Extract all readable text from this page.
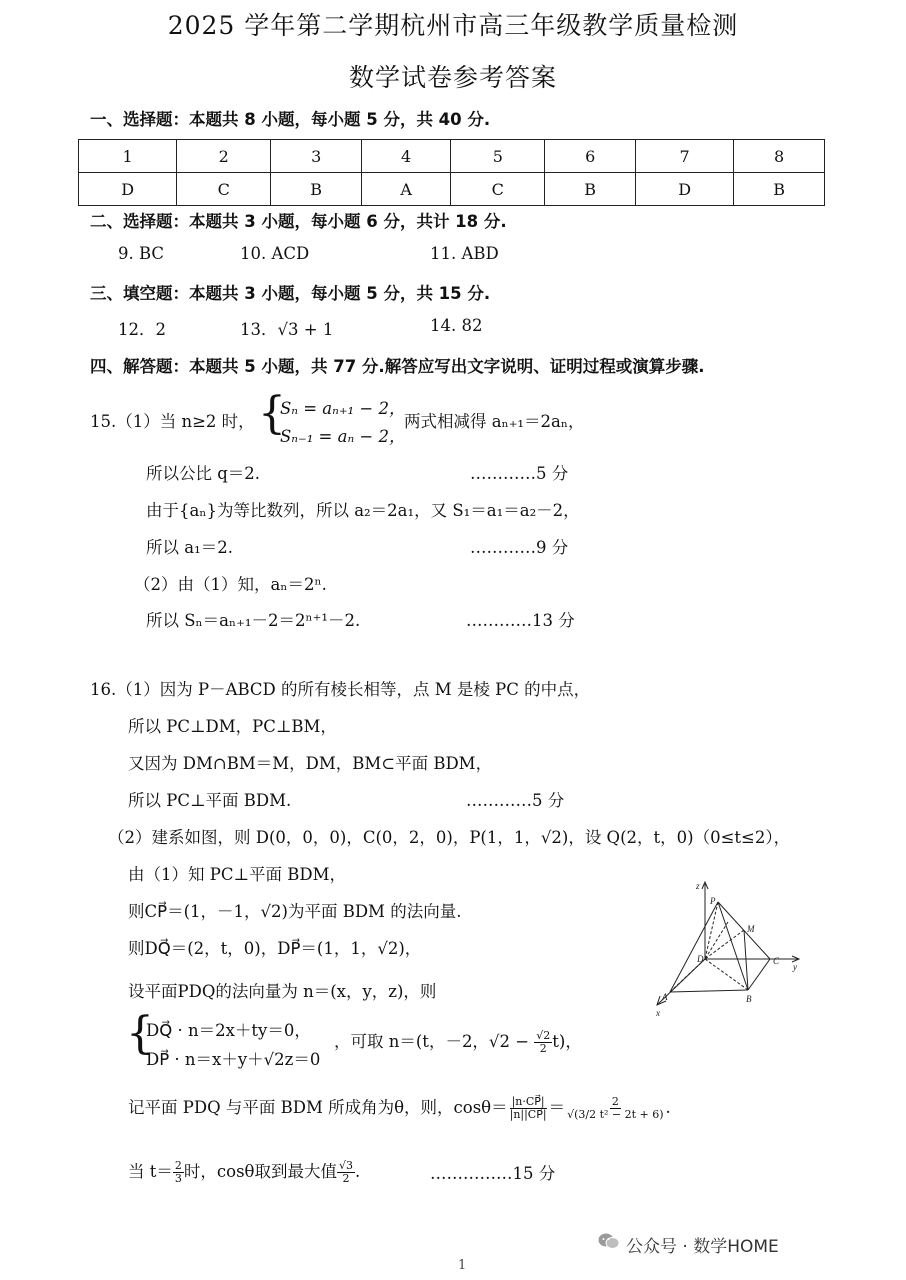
2025 学年第二学期杭州市高三年级教学质量检测
数学试卷参考答案
一、选择题：本题共 8 小题，每小题 5 分，共 40 分.
1	2	3	4	5	6	7	8
D	C	B	A	C	B	D	B
二、选择题：本题共 3 小题，每小题 6 分，共计 18 分.
9. BC	10. ACD	11. ABD
三、填空题：本题共 3 小题，每小题 5 分，共 15 分.
12．2	13．√3 + 1	14. 82
四、解答题：本题共 5 小题，共 77 分.解答应写出文字说明、证明过程或演算步骤.
15.（1）当 n≥2 时， {
Sₙ = aₙ₊₁ − 2，
Sₙ₋₁ = aₙ − 2，
两式相减得 aₙ₊₁＝2aₙ，
所以公比 q＝2.	…………5 分
由于{aₙ}为等比数列，所以 a₂＝2a₁，又 S₁＝a₁＝a₂－2，
所以 a₁＝2.	…………9 分
（2）由（1）知，aₙ＝2ⁿ.
所以 Sₙ＝aₙ₊₁－2＝2ⁿ⁺¹－2.	…………13 分
16.（1）因为 P－ABCD 的所有棱长相等，点 M 是棱 PC 的中点，
所以 PC⊥DM，PC⊥BM，
又因为 DM∩BM＝M，DM，BM⊂平面 BDM，
所以 PC⊥平面 BDM.	…………5 分
（2）建系如图，则 D(0，0，0)，C(0，2，0)，P(1，1，√2)，设 Q(2，t，0)（0≤t≤2），
由（1）知 PC⊥平面 BDM，
则CP⃗＝(1，－1，√2)为平面 BDM 的法向量.
则DQ⃗＝(2，t，0)，DP⃗＝(1，1，√2)，
设平面PDQ的法向量为 n＝(x，y，z)，则
{
DQ⃗ · n＝2x＋ty＝0，
DP⃗ · n＝x＋y＋√2z＝0
，可取 n＝(t，－2，$√2 - \frac{√2}{2} t$)，
记平面 PDQ 与平面 BDM 所成角为θ，则，$\cos\theta= \frac{|n\cdot CP⃗|}{|n||CP⃗|} = \frac{2}{\text{√(3/2 t² − 2t + 6)}}$ .
当 $t= \frac{2}{3}$ 时，cosθ取到最大值 $\frac{√3}{2}$ .	……………15 分
z
P
M
D	C
y
A
x
B
公众号 · 数学HOME
1
